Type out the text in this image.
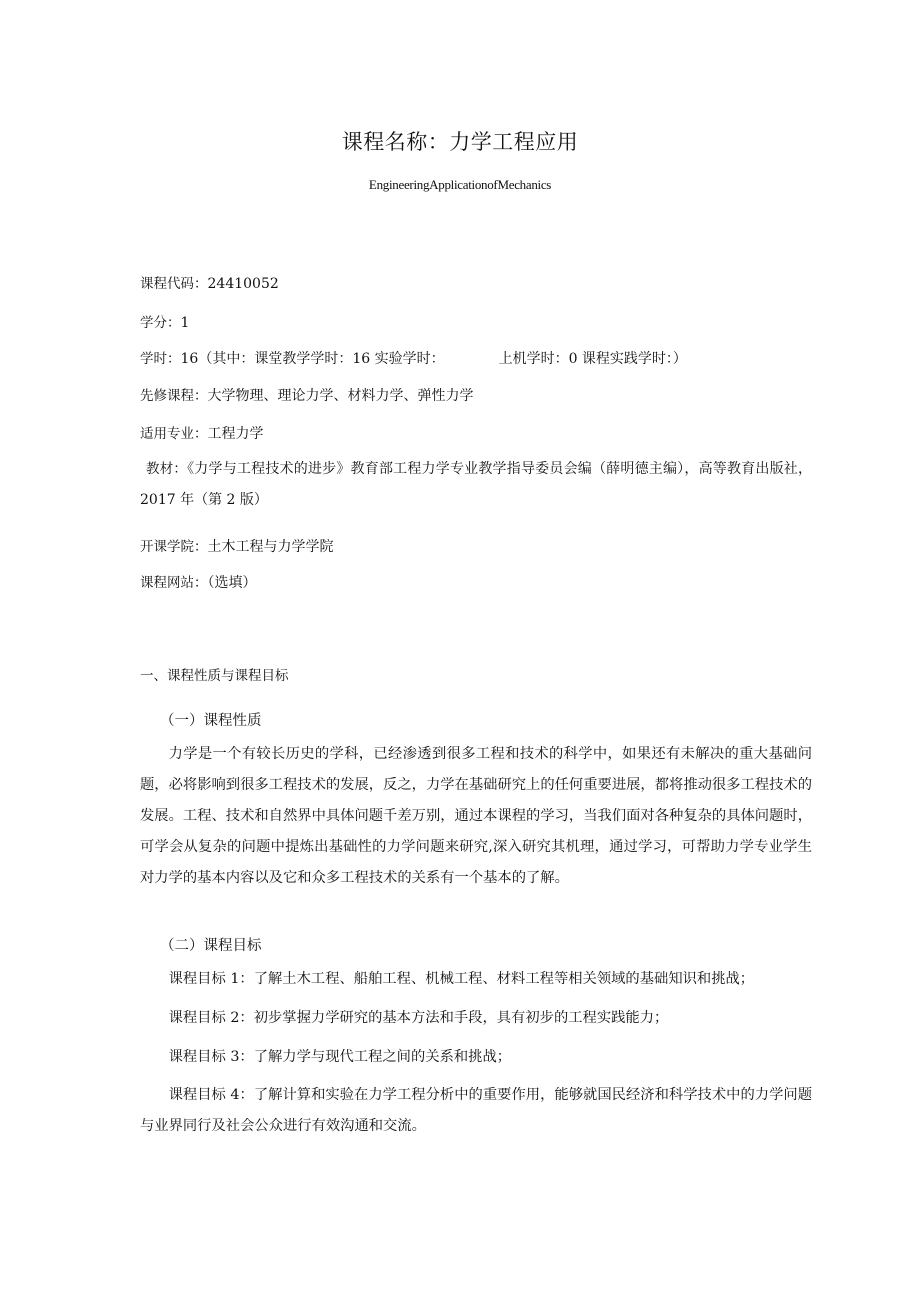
课程名称：力学工程应用
EngineeringApplicationofMechanics
课程代码：24410052
学分：1
学时：16（其中：课堂教学学时：16 实验学时：	上机学时：0 课程实践学时：）
先修课程：大学物理、理论力学、材料力学、弹性力学
适用专业：工程力学
教材：《力学与工程技术的进步》教育部工程力学专业教学指导委员会编（薛明德主编），高等教育出版社，2017 年（第 2 版）
开课学院：土木工程与力学学院
课程网站：（选填）
一、课程性质与课程目标
（一）课程性质
力学是一个有较长历史的学科，已经渗透到很多工程和技术的科学中，如果还有未解决的重大基础问题，必将影响到很多工程技术的发展，反之，力学在基础研究上的任何重要进展，都将推动很多工程技术的发展。工程、技术和自然界中具体问题千差万别，通过本课程的学习，当我们面对各种复杂的具体问题时，可学会从复杂的问题中提炼出基础性的力学问题来研究,深入研究其机理，通过学习，可帮助力学专业学生对力学的基本内容以及它和众多工程技术的关系有一个基本的了解。
（二）课程目标
课程目标 1：了解土木工程、船舶工程、机械工程、材料工程等相关领域的基础知识和挑战；
课程目标 2：初步掌握力学研究的基本方法和手段，具有初步的工程实践能力；
课程目标 3：了解力学与现代工程之间的关系和挑战；
课程目标 4：了解计算和实验在力学工程分析中的重要作用，能够就国民经济和科学技术中的力学问题与业界同行及社会公众进行有效沟通和交流。
